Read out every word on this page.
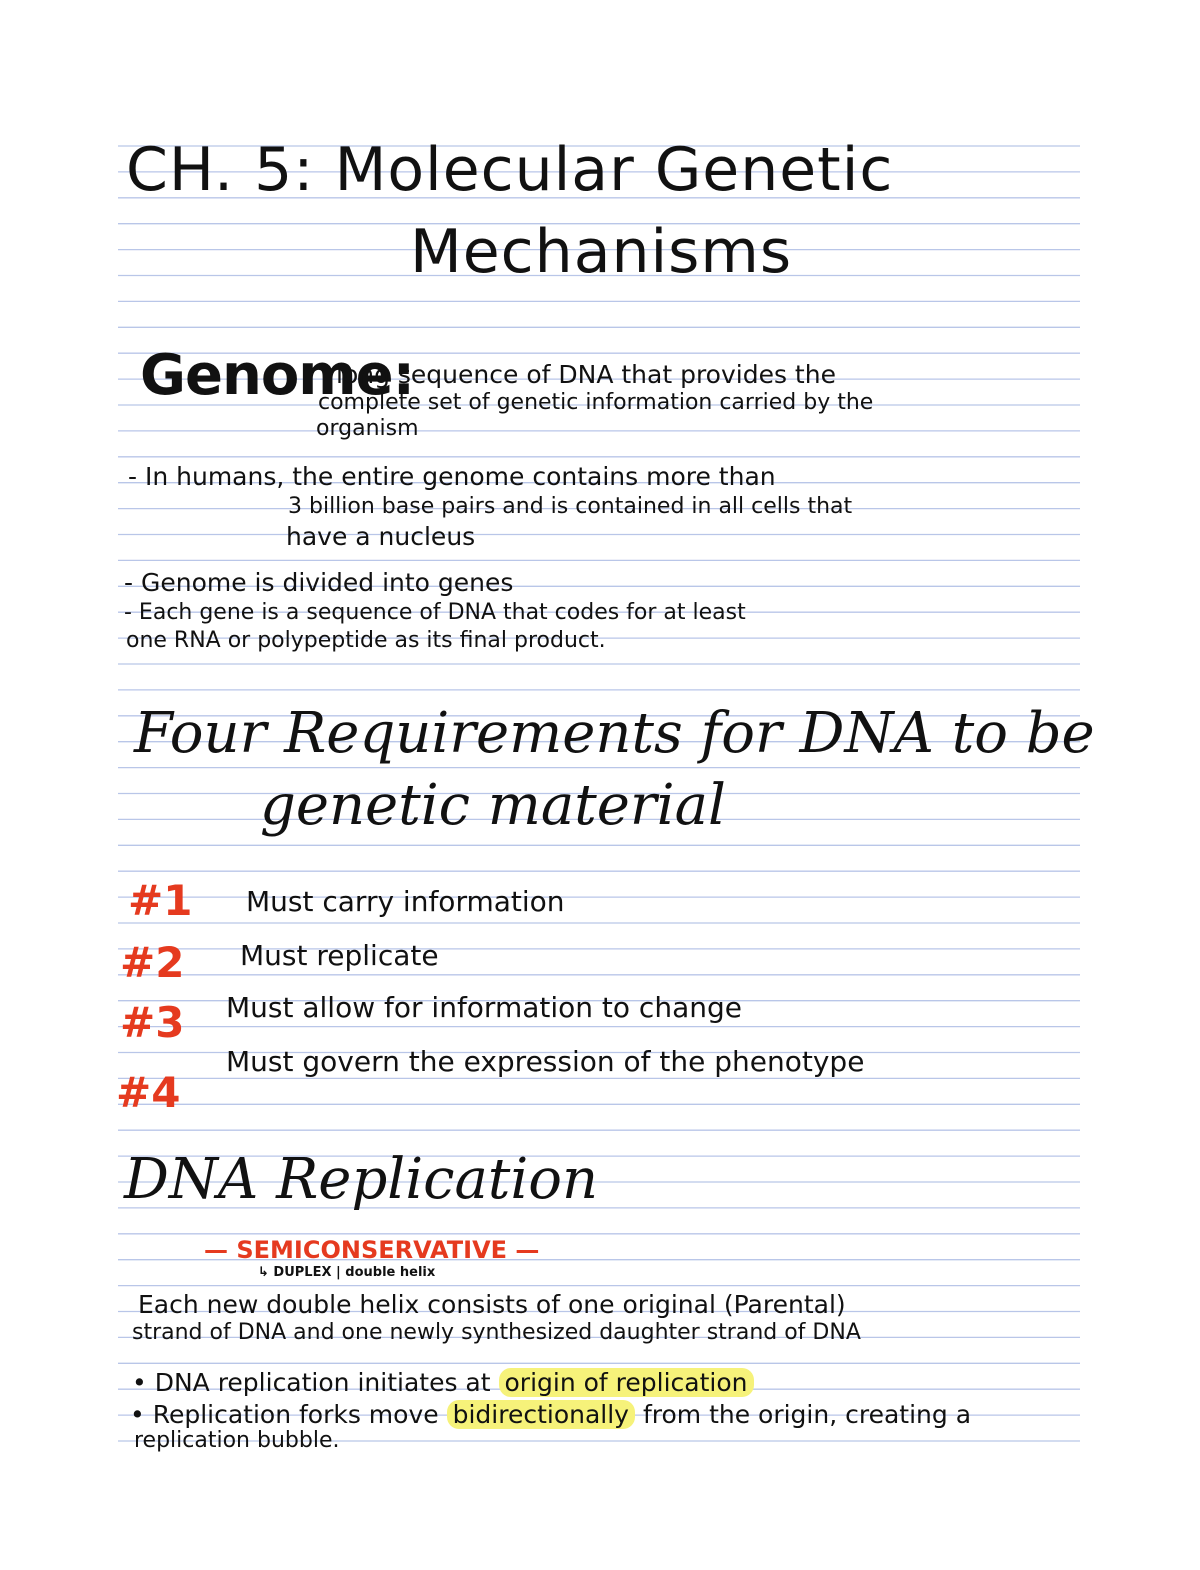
CH. 5: Molecular Genetic
Mechanisms
Genome:
long sequence of DNA that provides the
complete set of genetic information carried by the
organism
- In humans, the entire genome contains more than
3 billion base pairs and is contained in all cells that
have a nucleus
- Genome is divided into genes
- Each gene is a sequence of DNA that codes for at least
one RNA or polypeptide as its final product.
Four Requirements for DNA to be
genetic material
#1 Must carry information
#2 Must replicate
#3 Must allow for information to change
#4
Must govern the expression of the phenotype
DNA Replication
— SEMICONSERVATIVE —
↳ DUPLEX | double helix
Each new double helix consists of one original (Parental)
strand of DNA and one newly synthesized daughter strand of DNA
• DNA replication initiates at origin of replication
• Replication forks move bidirectionally from the origin, creating a
replication bubble.
